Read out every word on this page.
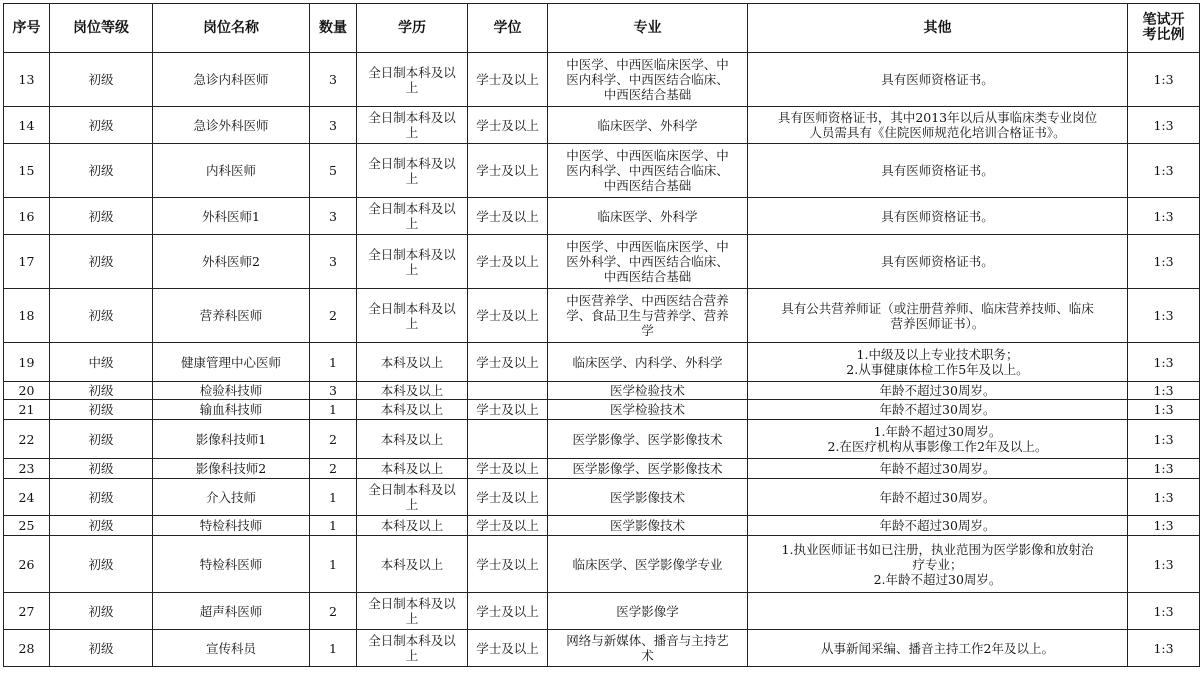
序号	岗位等级	岗位名称	数量	学历	学位	专业	其他	笔试开
考比例

13	初级	急诊内科医师	3	全日制本科及以
上	学士及以上	中医学、中西医临床医学、中
医内科学、中西医结合临床、
中西医结合基础	具有医师资格证书。	1:3
14	初级	急诊外科医师	3	全日制本科及以
上	学士及以上	临床医学、外科学	具有医师资格证书，其中2013年以后从事临床类专业岗位
人员需具有《住院医师规范化培训合格证书》。	1:3
15	初级	内科医师	5	全日制本科及以
上	学士及以上	中医学、中西医临床医学、中
医内科学、中西医结合临床、
中西医结合基础	具有医师资格证书。	1:3
16	初级	外科医师1	3	全日制本科及以
上	学士及以上	临床医学、外科学	具有医师资格证书。	1:3
17	初级	外科医师2	3	全日制本科及以
上	学士及以上	中医学、中西医临床医学、中
医外科学、中西医结合临床、
中西医结合基础	具有医师资格证书。	1:3
18	初级	营养科医师	2	全日制本科及以
上	学士及以上	中医营养学、中西医结合营养
学、食品卫生与营养学、营养
学	具有公共营养师证（或注册营养师、临床营养技师、临床
营养医师证书）。	1:3
19	中级	健康管理中心医师	1	本科及以上	学士及以上	临床医学、内科学、外科学	1.中级及以上专业技术职务；
2.从事健康体检工作5年及以上。	1:3
20	初级	检验科技师	3	本科及以上		医学检验技术	年龄不超过30周岁。	1:3
21	初级	输血科技师	1	本科及以上	学士及以上	医学检验技术	年龄不超过30周岁。	1:3
22	初级	影像科技师1	2	本科及以上		医学影像学、医学影像技术	1.年龄不超过30周岁。
2.在医疗机构从事影像工作2年及以上。	1:3
23	初级	影像科技师2	2	本科及以上	学士及以上	医学影像学、医学影像技术	年龄不超过30周岁。	1:3
24	初级	介入技师	1	全日制本科及以
上	学士及以上	医学影像技术	年龄不超过30周岁。	1:3
25	初级	特检科技师	1	本科及以上	学士及以上	医学影像技术	年龄不超过30周岁。	1:3
26	初级	特检科医师	1	本科及以上	学士及以上	临床医学、医学影像学专业	1.执业医师证书如已注册，执业范围为医学影像和放射治
疗专业；
2.年龄不超过30周岁。	1:3
27	初级	超声科医师	2	全日制本科及以
上	学士及以上	医学影像学		1:3
28	初级	宣传科员	1	全日制本科及以
上	学士及以上	网络与新媒体、播音与主持艺
术	从事新闻采编、播音主持工作2年及以上。	1:3
